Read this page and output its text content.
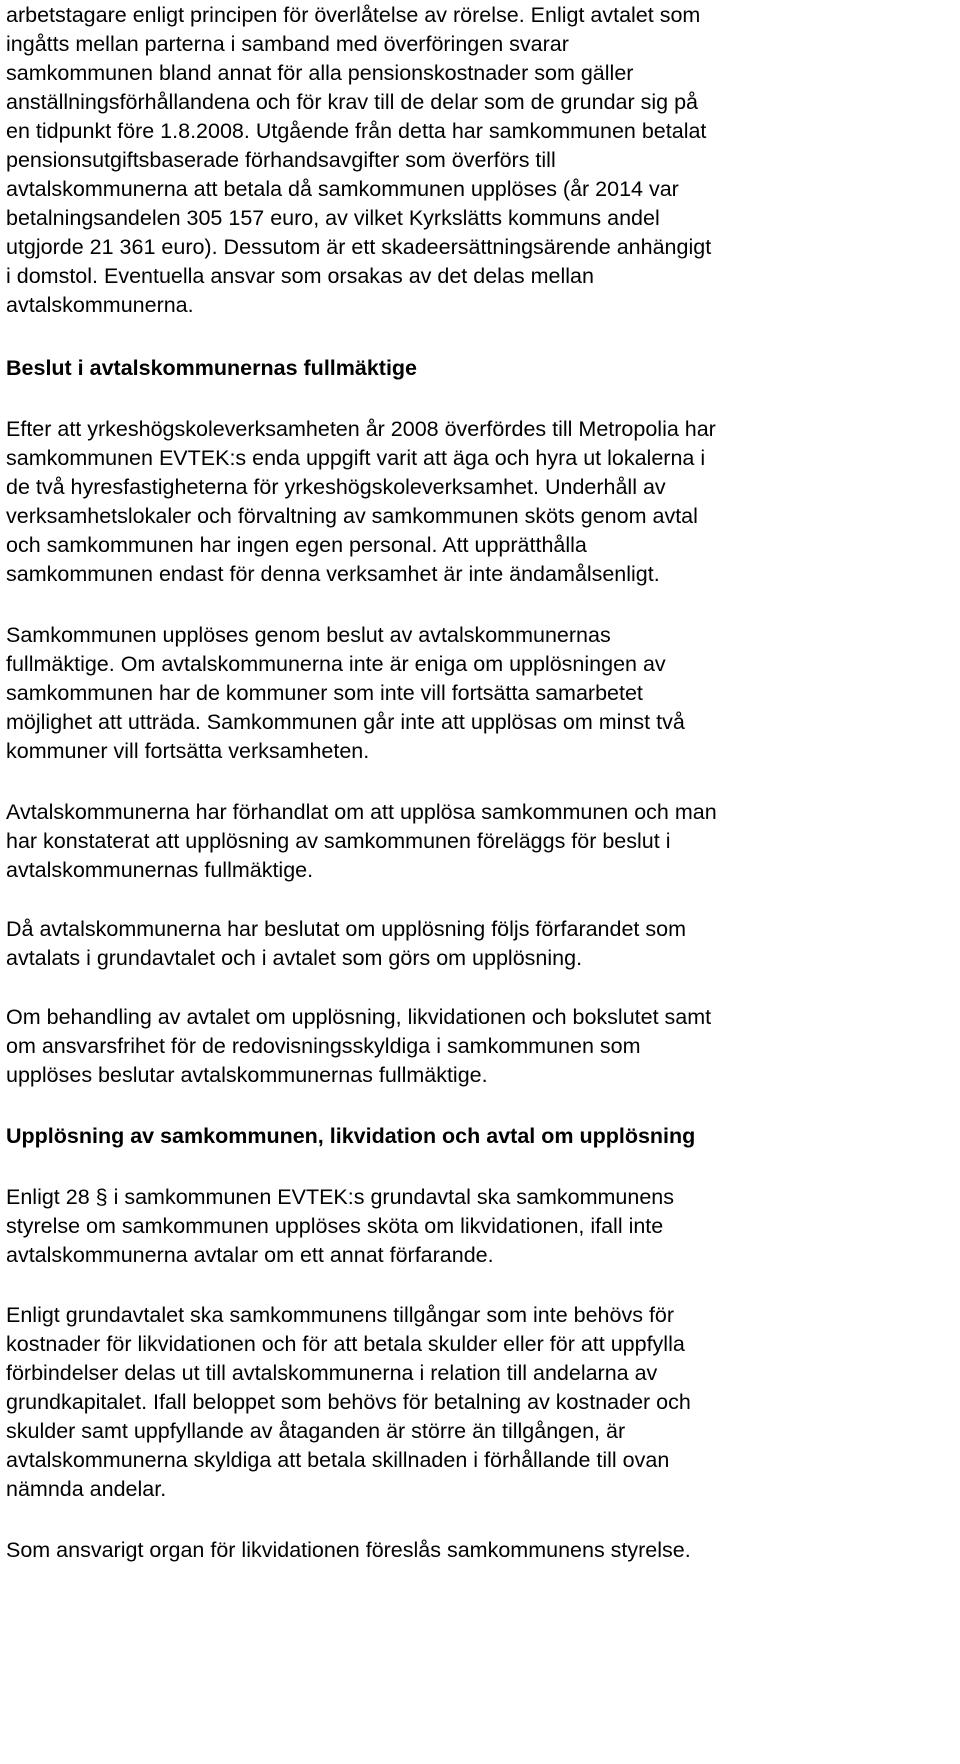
arbetstagare enligt principen för överlåtelse av rörelse. Enligt avtalet som
ingåtts mellan parterna i samband med överföringen svarar
samkommunen bland annat för alla pensionskostnader som gäller
anställningsförhållandena och för krav till de delar som de grundar sig på
en tidpunkt före 1.8.2008. Utgående från detta har samkommunen betalat
pensionsutgiftsbaserade förhandsavgifter som överförs till
avtalskommunerna att betala då samkommunen upplöses (år 2014 var
betalningsandelen 305 157 euro, av vilket Kyrkslätts kommuns andel
utgjorde 21 361 euro). Dessutom är ett skadeersättningsärende anhängigt
i domstol. Eventuella ansvar som orsakas av det delas mellan
avtalskommunerna.

Beslut i avtalskommunernas fullmäktige

Efter att yrkeshögskoleverksamheten år 2008 överfördes till Metropolia har
samkommunen EVTEK:s enda uppgift varit att äga och hyra ut lokalerna i
de två hyresfastigheterna för yrkeshögskoleverksamhet. Underhåll av
verksamhetslokaler och förvaltning av samkommunen sköts genom avtal
och samkommunen har ingen egen personal. Att upprätthålla
samkommunen endast för denna verksamhet är inte ändamålsenligt.

Samkommunen upplöses genom beslut av avtalskommunernas
fullmäktige. Om avtalskommunerna inte är eniga om upplösningen av
samkommunen har de kommuner som inte vill fortsätta samarbetet
möjlighet att utträda. Samkommunen går inte att upplösas om minst två
kommuner vill fortsätta verksamheten.

Avtalskommunerna har förhandlat om att upplösa samkommunen och man
har konstaterat att upplösning av samkommunen föreläggs för beslut i
avtalskommunernas fullmäktige.

Då avtalskommunerna har beslutat om upplösning följs förfarandet som
avtalats i grundavtalet och i avtalet som görs om upplösning.

Om behandling av avtalet om upplösning, likvidationen och bokslutet samt
om ansvarsfrihet för de redovisningsskyldiga i samkommunen som
upplöses beslutar avtalskommunernas fullmäktige.

Upplösning av samkommunen, likvidation och avtal om upplösning

Enligt 28 § i samkommunen EVTEK:s grundavtal ska samkommunens
styrelse om samkommunen upplöses sköta om likvidationen, ifall inte
avtalskommunerna avtalar om ett annat förfarande.

Enligt grundavtalet ska samkommunens tillgångar som inte behövs för
kostnader för likvidationen och för att betala skulder eller för att uppfylla
förbindelser delas ut till avtalskommunerna i relation till andelarna av
grundkapitalet. Ifall beloppet som behövs för betalning av kostnader och
skulder samt uppfyllande av åtaganden är större än tillgången, är
avtalskommunerna skyldiga att betala skillnaden i förhållande till ovan
nämnda andelar.

Som ansvarigt organ för likvidationen föreslås samkommunens styrelse.
